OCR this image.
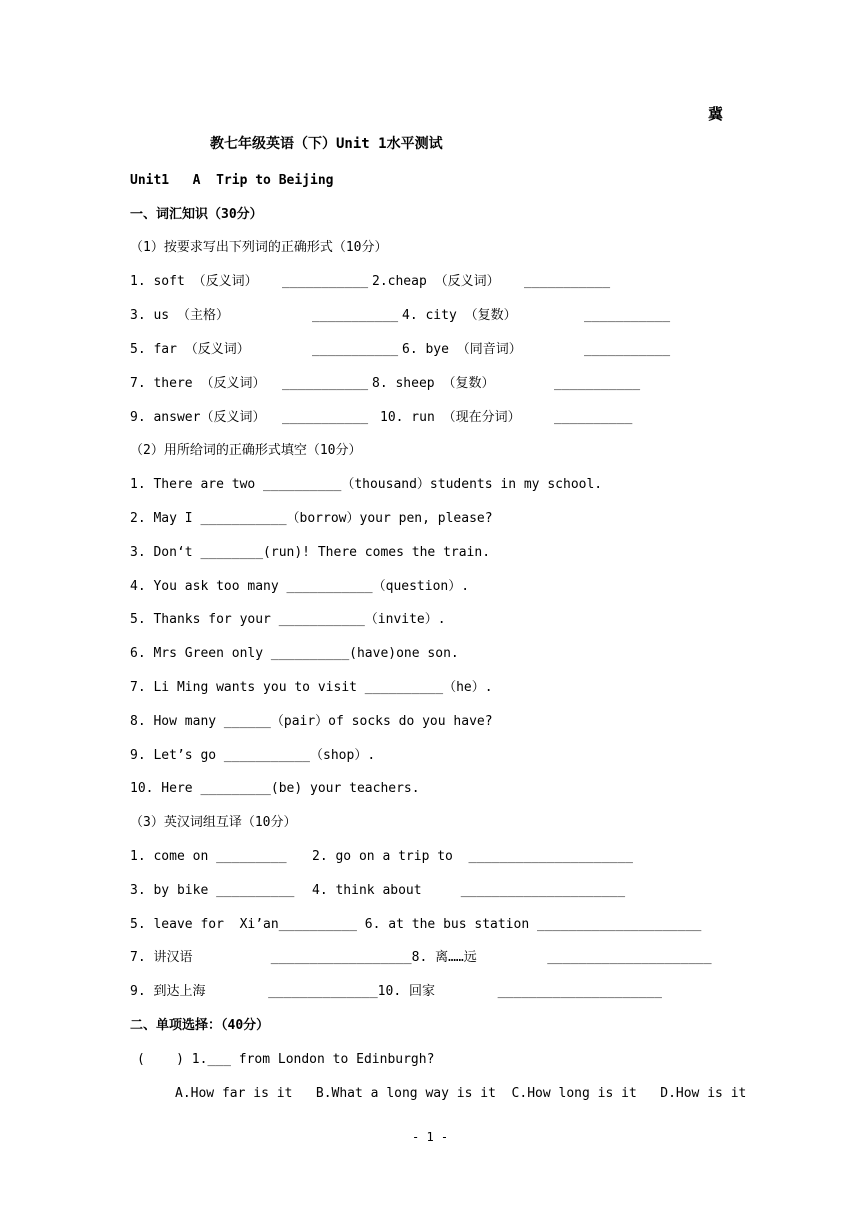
冀
教七年级英语（下）Unit 1水平测试
Unit1   A  Trip to Beijing
一、词汇知识（30分）
（1）按要求写出下列词的正确形式（10分）
1. soft （反义词） ___________ 2.cheap （反义词） ___________
3. us （主格）	___________ 4. city （复数）	___________
5. far （反义词）	___________ 6. bye （同音词）	___________
7. there （反义词） ___________ 8. sheep （复数）	___________
9. answer（反义词） ___________ 10. run （现在分词）	__________
（2）用所给词的正确形式填空（10分）
1. There are two __________（thousand）students in my school.
2. May I ___________（borrow）your pen, please?
3. Don‘t ________(run)! There comes the train.
4. You ask too many ___________（question）.
5. Thanks for your ___________（invite）.
6. Mrs Green only __________(have)one son.
7. Li Ming wants you to visit __________（he）.
8. How many ______（pair）of socks do you have?
9. Let’s go ___________（shop）.
10. Here _________(be) your teachers.
（3）英汉词组互译（10分）
1. come on _________ 2. go on a trip to  _____________________
3. by bike __________ 4. think about     _____________________
5. leave for  Xi’an__________ 6. at the bus station _____________________
7. 讲汉语          __________________8. 离……远         _____________________
9. 到达上海        ______________10. 回家        _____________________
二、单项选择：（40分）
(    ) 1.___ from London to Edinburgh?
A.How far is it   B.What a long way is it  C.How long is it   D.How is it
- 1 -
